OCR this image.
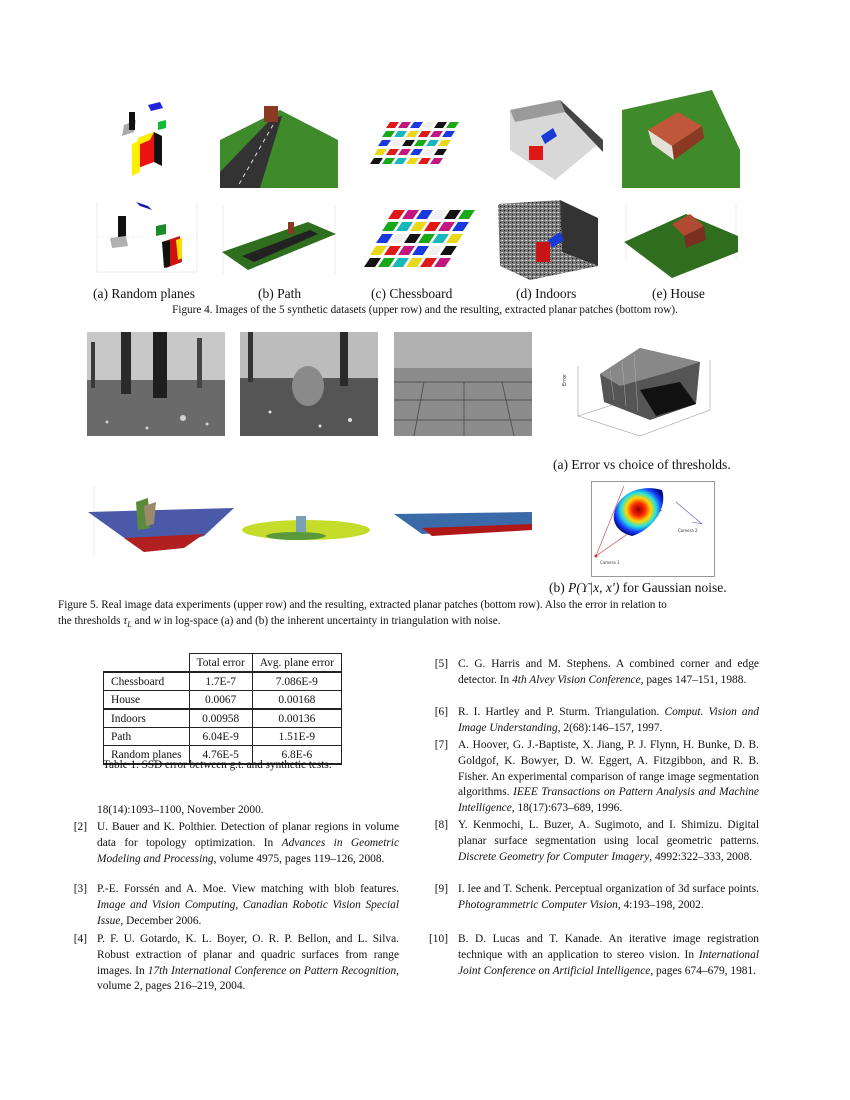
(a) Random planes	(b) Path	(c) Chessboard	(d) Indoors	(e) House
Figure 4. Images of the 5 synthetic datasets (upper row) and the resulting, extracted planar patches (bottom row).
Error
(a) Error vs choice of thresholds.
Camera 1
Camera 2
(b) P(ϒ|x, x′) for Gaussian noise.
Figure 5. Real image data experiments (upper row) and the resulting, extracted planar patches (bottom row). Also the error in relation to
the thresholds $\tau_L$ and w in log-space (a) and (b) the inherent uncertainty in triangulation with noise.
	Total error	Avg. plane error
Chessboard	1.7E-7	7.086E-9
House	0.0067	0.00168
Indoors	0.00958	0.00136
Path	6.04E-9	1.51E-9
Random planes	4.76E-5	6.8E-6
Table 1. SSD error between g.t. and synthetic tests.
18(14):1093–1100, November 2000.
[2] U. Bauer and K. Polthier. Detection of planar regions in volume data for topology optimization. In Advances in Geometric Modeling and Processing, volume 4975, pages 119–126, 2008.
[3] P.-E. Forssén and A. Moe. View matching with blob features. Image and Vision Computing, Canadian Robotic Vision Special Issue, December 2006.
[4] P. F. U. Gotardo, K. L. Boyer, O. R. P. Bellon, and L. Silva. Robust extraction of planar and quadric surfaces from range images. In 17th International Conference on Pattern Recognition, volume 2, pages 216–219, 2004.
[5] C. G. Harris and M. Stephens. A combined corner and edge detector. In 4th Alvey Vision Conference, pages 147–151, 1988.
[6] R. I. Hartley and P. Sturm. Triangulation. Comput. Vision and Image Understanding, 2(68):146–157, 1997.
[7] A. Hoover, G. J.-Baptiste, X. Jiang, P. J. Flynn, H. Bunke, D. B. Goldgof, K. Bowyer, D. W. Eggert, A. Fitzgibbon, and R. B. Fisher. An experimental comparison of range image segmentation algorithms. IEEE Transactions on Pattern Analysis and Machine Intelligence, 18(17):673–689, 1996.
[8] Y. Kenmochi, L. Buzer, A. Sugimoto, and I. Shimizu. Digital planar surface segmentation using local geometric patterns. Discrete Geometry for Computer Imagery, 4992:322–333, 2008.
[9] I. lee and T. Schenk. Perceptual organization of 3d surface points. Photogrammetric Computer Vision, 4:193–198, 2002.
[10] B. D. Lucas and T. Kanade. An iterative image registration technique with an application to stereo vision. In International Joint Conference on Artificial Intelligence, pages 674–679, 1981.
